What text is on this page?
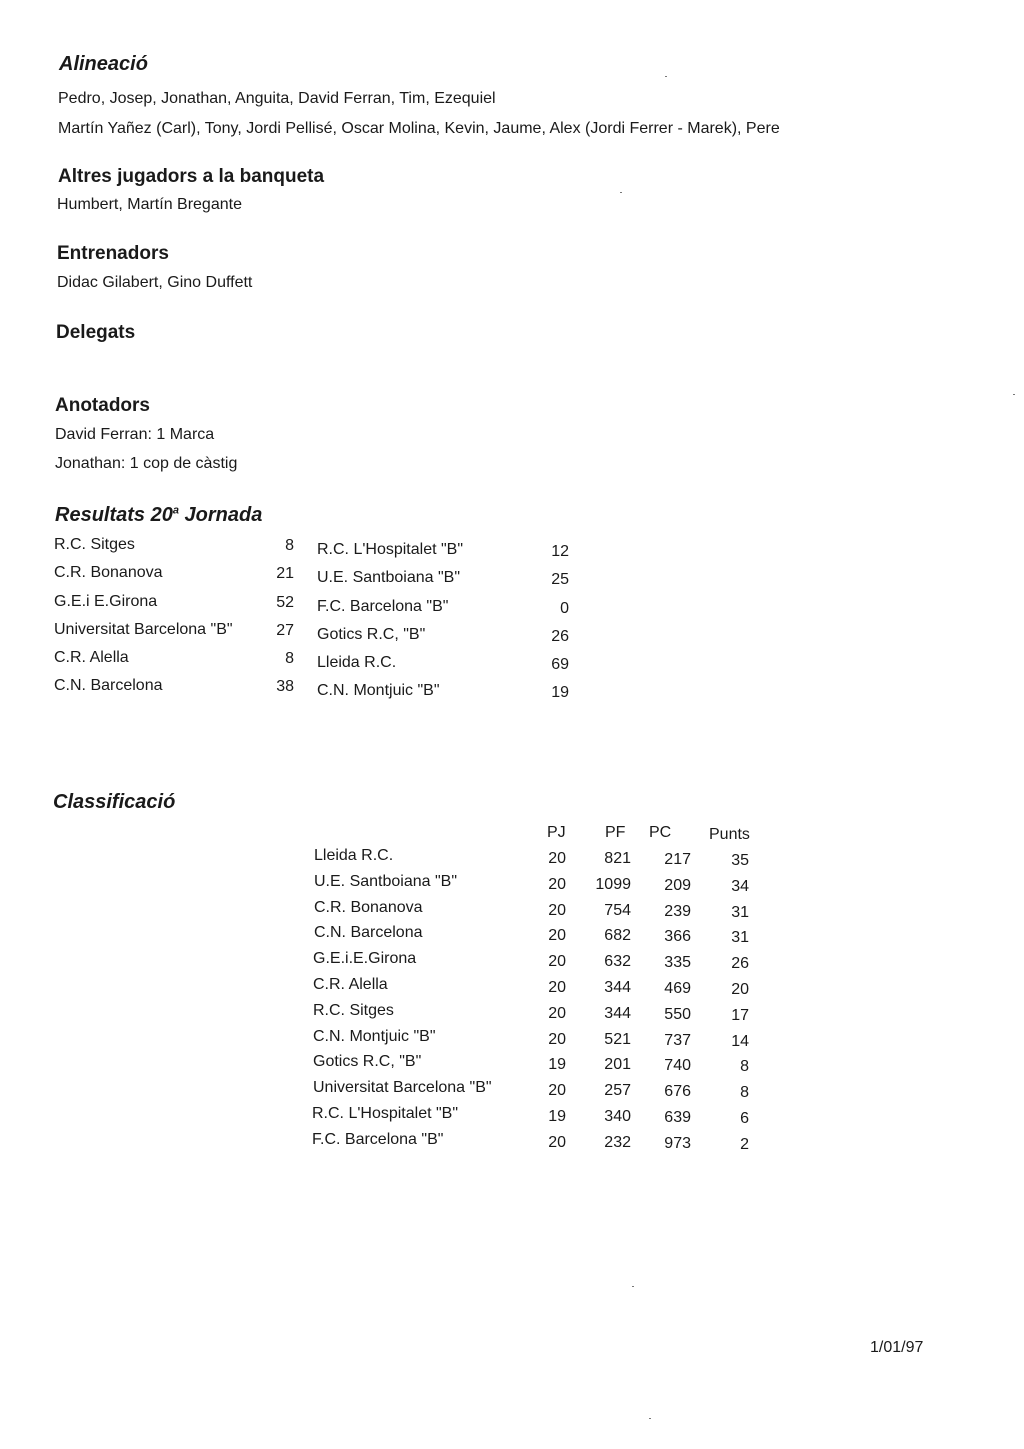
Alineació
Pedro, Josep, Jonathan, Anguita, David Ferran, Tim, Ezequiel
Martín Yañez (Carl), Tony, Jordi Pellisé, Oscar Molina, Kevin, Jaume, Alex (Jordi Ferrer - Marek), Pere
Altres jugadors a la banqueta
Humbert, Martín Bregante
Entrenadors
Didac Gilabert, Gino Duffett
Delegats
Anotadors
David Ferran: 1 Marca
Jonathan: 1 cop de càstig
Resultats 20$^a$ Jornada
R.C. Sitges	8 R.C. L'Hospitalet "B"	12
C.R. Bonanova	21 U.E. Santboiana "B"	25
G.E.i E.Girona	52 F.C. Barcelona "B"	0
Universitat Barcelona "B"	27 Gotics R.C, "B"	26
C.R. Alella	8 Lleida R.C.	69
C.N. Barcelona	38 C.N. Montjuic "B"	19
Classificació
PJ PF PC Punts
Lleida R.C.	20	821	217	35
U.E. Santboiana "B"	20	1099	209	34
C.R. Bonanova	20	754	239	31
C.N. Barcelona	20	682	366	31
G.E.i.E.Girona	20	632	335	26
C.R. Alella	20	344	469	20
R.C. Sitges	20	344	550	17
C.N. Montjuic "B"	20	521	737	14
Gotics R.C, "B"	19	201	740	8
Universitat Barcelona "B"	20	257	676	8
R.C. L'Hospitalet "B"	19	340	639	6
F.C. Barcelona "B"	20	232	973	2
1/01/97
